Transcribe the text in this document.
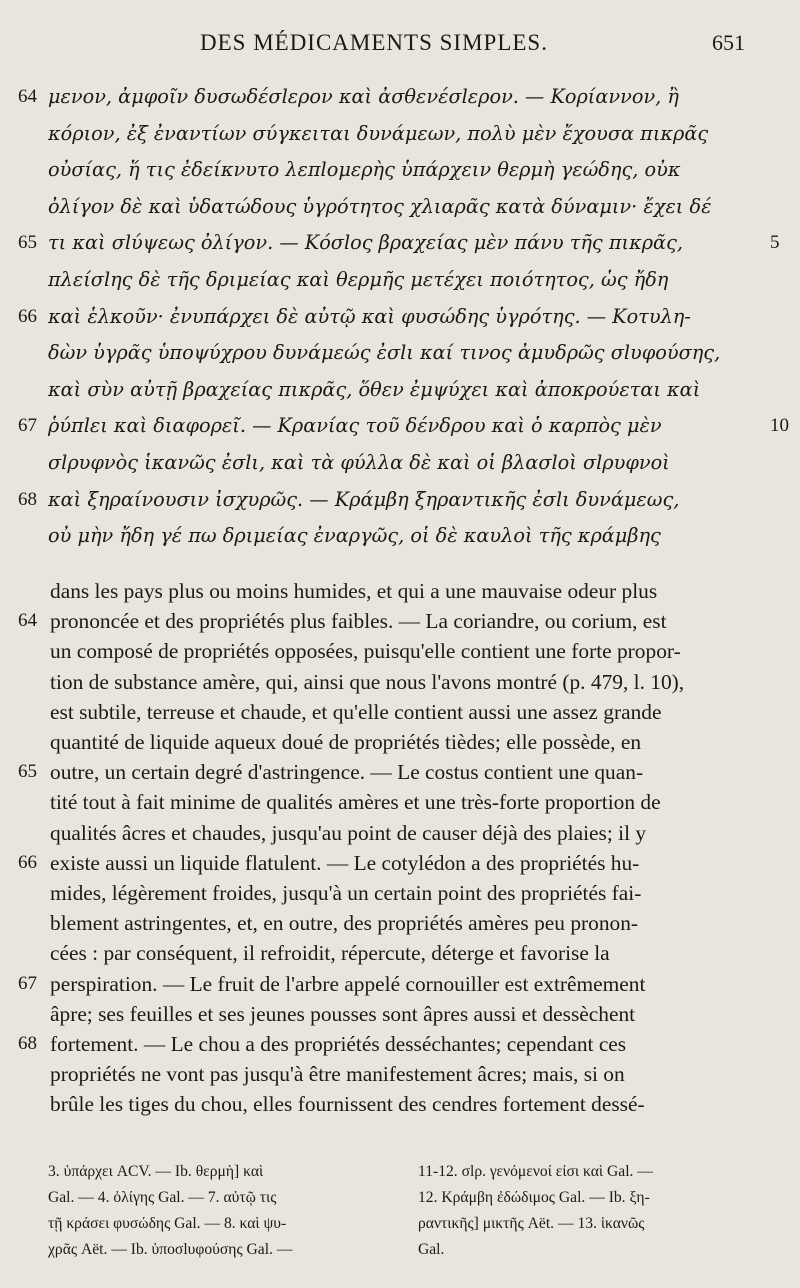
DES MÉDICAMENTS SIMPLES.	651
64 μενον, ἀμφοῖν δυσωδέσlερον καὶ ἀσθενέσlερον. — Κορίαννον, ἢ
κόριον, ἐξ ἐναντίων σύγκειται δυνάμεων, πολὺ μὲν ἔχουσα πικρᾶς
οὐσίας, ἥ τις ἐδείκνυτο λεπlομερὴς ὑπάρχειν θερμὴ γεώδης, οὐκ
ὀλίγον δὲ καὶ ὑδατώδους ὑγρότητος χλιαρᾶς κατὰ δύναμιν· ἔχει δέ
65 τι καὶ σlύψεως ὀλίγον. — Κόσlος βραχείας μὲν πάνυ τῆς πικρᾶς,	5
πλείσlης δὲ τῆς δριμείας καὶ θερμῆς μετέχει ποιότητος, ὡς ἤδη
66 καὶ ἑλκοῦν· ἐνυπάρχει δὲ αὐτῷ καὶ φυσώδης ὑγρότης. — Κοτυλη-
δὼν ὑγρᾶς ὑποψύχρου δυνάμεώς ἐσlι καί τινος ἀμυδρῶς σlυφούσης,
καὶ σὺν αὐτῇ βραχείας πικρᾶς, ὅθεν ἐμψύχει καὶ ἀποκρούεται καὶ
67 ῥύπlει καὶ διαφορεῖ. — Κρανίας τοῦ δένδρου καὶ ὁ καρπὸς μὲν	10
σlρυφνὸς ἱκανῶς ἐσlι, καὶ τὰ φύλλα δὲ καὶ οἱ βλασlοὶ σlρυφνοὶ
68 καὶ ξηραίνουσιν ἰσχυρῶς. — Κράμβη ξηραντικῆς ἐσlι δυνάμεως,
οὐ μὴν ἤδη γέ πω δριμείας ἐναργῶς, οἱ δὲ καυλοὶ τῆς κράμβης
dans les pays plus ou moins humides, et qui a une mauvaise odeur plus
64 prononcée et des propriétés plus faibles. — La coriandre, ou corium, est
un composé de propriétés opposées, puisqu'elle contient une forte propor-
tion de substance amère, qui, ainsi que nous l'avons montré (p. 479, l. 10),
est subtile, terreuse et chaude, et qu'elle contient aussi une assez grande
quantité de liquide aqueux doué de propriétés tièdes; elle possède, en
65 outre, un certain degré d'astringence. — Le costus contient une quan-
tité tout à fait minime de qualités amères et une très-forte proportion de
qualités âcres et chaudes, jusqu'au point de causer déjà des plaies; il y
66 existe aussi un liquide flatulent. — Le cotylédon a des propriétés hu-
mides, légèrement froides, jusqu'à un certain point des propriétés fai-
blement astringentes, et, en outre, des propriétés amères peu pronon-
cées : par conséquent, il refroidit, répercute, déterge et favorise la
67 perspiration. — Le fruit de l'arbre appelé cornouiller est extrêmement
âpre; ses feuilles et ses jeunes pousses sont âpres aussi et dessèchent
68 fortement. — Le chou a des propriétés desséchantes; cependant ces
propriétés ne vont pas jusqu'à être manifestement âcres; mais, si on
brûle les tiges du chou, elles fournissent des cendres fortement dessé-
3. ὑπάρχει ACV. — Ib. θερμὴ] καὶ
Gal. — 4. ὀλίγης Gal. — 7. αὐτῷ τις
τῇ κράσει φυσώδης Gal. — 8. καὶ ψυ-
χρᾶς Aët. — Ib. ὑποσlυφούσης Gal. —
11-12. σlρ. γενόμενοί εἰσι καὶ Gal. —
12. Κράμβη ἐδώδιμος Gal. — Ib. ξη-
ραντικῆς] μικτῆς Aët. — 13. ἱκανῶς
Gal.
